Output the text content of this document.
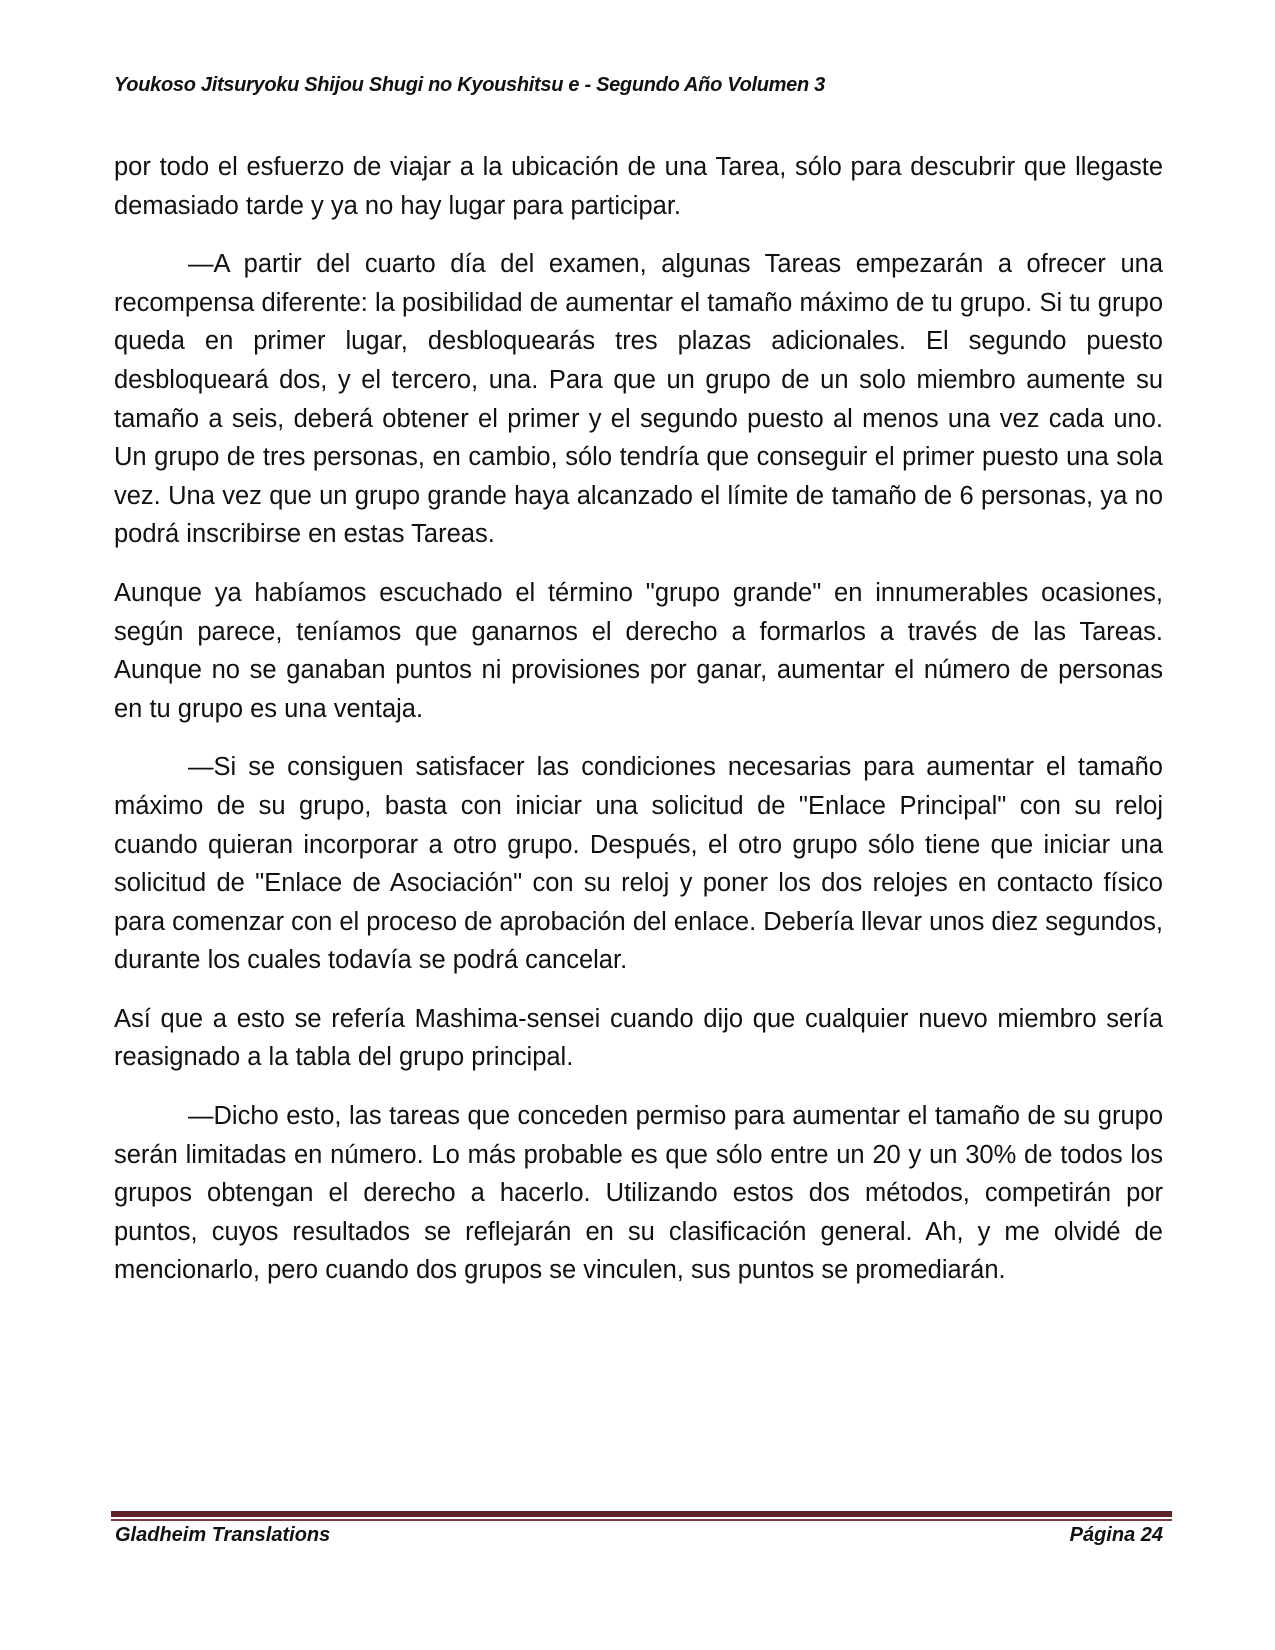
Youkoso Jitsuryoku Shijou Shugi no Kyoushitsu e - Segundo Año Volumen 3

por todo el esfuerzo de viajar a la ubicación de una Tarea, sólo para descubrir que llegaste demasiado tarde y ya no hay lugar para participar.

—A partir del cuarto día del examen, algunas Tareas empezarán a ofrecer una recompensa diferente: la posibilidad de aumentar el tamaño máximo de tu grupo. Si tu grupo queda en primer lugar, desbloquearás tres plazas adicionales. El segundo puesto desbloqueará dos, y el tercero, una. Para que un grupo de un solo miembro aumente su tamaño a seis, deberá obtener el primer y el segundo puesto al menos una vez cada uno. Un grupo de tres personas, en cambio, sólo tendría que conseguir el primer puesto una sola vez. Una vez que un grupo grande haya alcanzado el límite de tamaño de 6 personas, ya no podrá inscribirse en estas Tareas.

Aunque ya habíamos escuchado el término "grupo grande" en innumerables ocasiones, según parece, teníamos que ganarnos el derecho a formarlos a través de las Tareas. Aunque no se ganaban puntos ni provisiones por ganar, aumentar el número de personas en tu grupo es una ventaja.

—Si se consiguen satisfacer las condiciones necesarias para aumentar el tamaño máximo de su grupo, basta con iniciar una solicitud de "Enlace Principal" con su reloj cuando quieran incorporar a otro grupo. Después, el otro grupo sólo tiene que iniciar una solicitud de "Enlace de Asociación" con su reloj y poner los dos relojes en contacto físico para comenzar con el proceso de aprobación del enlace. Debería llevar unos diez segundos, durante los cuales todavía se podrá cancelar.

Así que a esto se refería Mashima-sensei cuando dijo que cualquier nuevo miembro sería reasignado a la tabla del grupo principal.

—Dicho esto, las tareas que conceden permiso para aumentar el tamaño de su grupo serán limitadas en número. Lo más probable es que sólo entre un 20 y un 30% de todos los grupos obtengan el derecho a hacerlo. Utilizando estos dos métodos, competirán por puntos, cuyos resultados se reflejarán en su clasificación general. Ah, y me olvidé de mencionarlo, pero cuando dos grupos se vinculen, sus puntos se promediarán.

Gladheim Translations	Página 24
